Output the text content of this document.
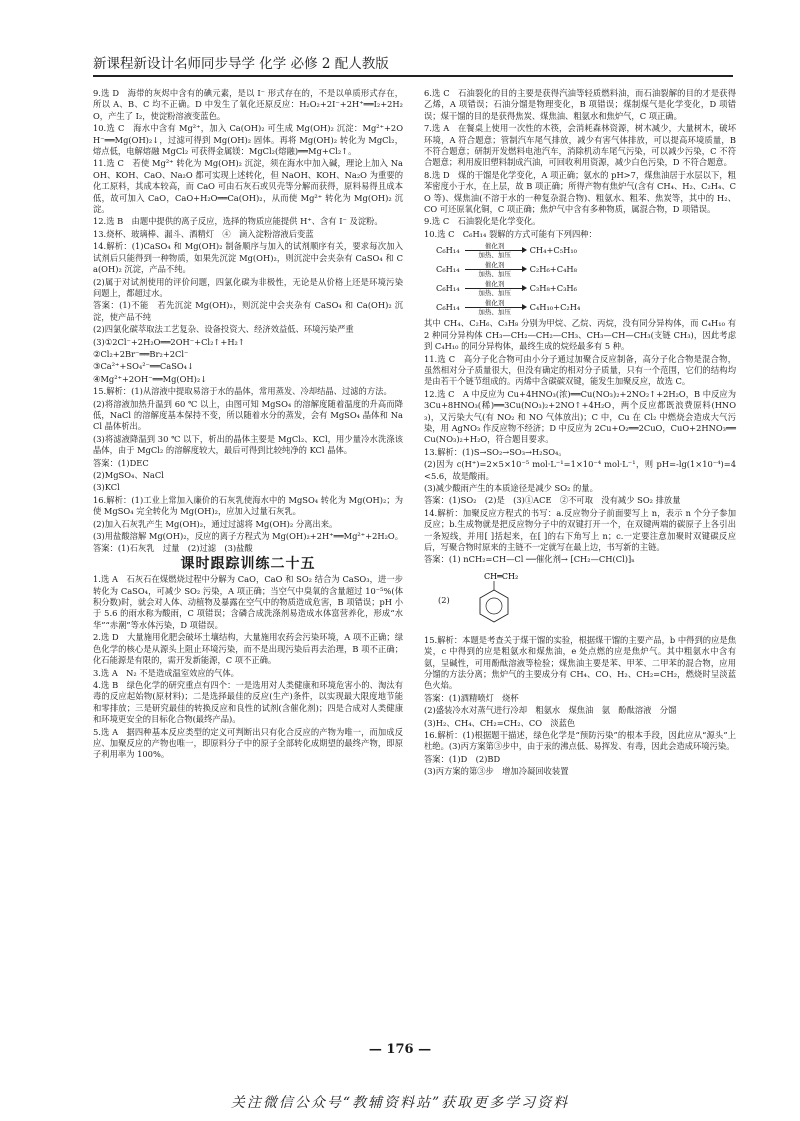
新课程新设计名师同步导学 化学 必修 2 配人教版

9.选 D　海带的灰烬中含有的碘元素，是以 I⁻ 形式存在的，不是以单质形式存在，所以 A、B、C 均不正确。D 中发生了氧化还原反应：H₂O₂+2I⁻+2H⁺══I₂+2H₂O，产生了 I₂，使淀粉溶液变蓝色。

10.选 C　海水中含有 Mg²⁺，加入 Ca(OH)₂ 可生成 Mg(OH)₂ 沉淀：Mg²⁺+2OH⁻══Mg(OH)₂↓，过滤可得到 Mg(OH)₂ 固体。再将 Mg(OH)₂ 转化为 MgCl₂，熔点低，电解熔融 MgCl₂ 可获得金属镁：MgCl₂(熔融)══Mg+Cl₂↑。

11.选 C　若使 Mg²⁺ 转化为 Mg(OH)₂ 沉淀，须在海水中加入碱，理论上加入 NaOH、KOH、CaO、Na₂O 都可实现上述转化，但 NaOH、KOH、Na₂O 为重要的化工原料，其成本较高，而 CaO 可由石灰石或贝壳等分解而获得，原料易得且成本低，故可加入 CaO，CaO+H₂O══Ca(OH)₂，从而使 Mg²⁺ 转化为 Mg(OH)₂ 沉淀。

12.选 B　由题中提供的离子反应，选择的物质应能提供 H⁺、含有 I⁻ 及淀粉。

13.烧杯、玻璃棒、漏斗、酒精灯　④　滴入淀粉溶液后变蓝

14.解析：(1)CaSO₄ 和 Mg(OH)₂ 制备顺序与加入的试剂顺序有关，要求每次加入试剂后只能得到一种物质，如果先沉淀 Mg(OH)₂，则沉淀中会夹杂有 CaSO₄ 和 Ca(OH)₂ 沉淀，产品不纯。

(2)属于对试剂使用的评价问题，四氯化碳为非极性，无论是从价格上还是环境污染问题上，都超过水。

答案：(1)不能　若先沉淀 Mg(OH)₂，则沉淀中会夹杂有 CaSO₄ 和 Ca(OH)₂ 沉淀，使产品不纯

(2)四氯化碳萃取法工艺复杂、设备投资大、经济效益低、环境污染严重

(3)①2Cl⁻+2H₂O══2OH⁻+Cl₂↑+H₂↑

②Cl₂+2Br⁻══Br₂+2Cl⁻

③Ca²⁺+SO₄²⁻══CaSO₄↓

④Mg²⁺+2OH⁻══Mg(OH)₂↓

15.解析：(1)从溶液中提取易溶于水的晶体，常用蒸发、冷却结晶、过滤的方法。

(2)将溶液加热升温到 60 ℃ 以上，由图可知 MgSO₄ 的溶解度随着温度的升高而降低，NaCl 的溶解度基本保持不变，所以随着水分的蒸发，会有 MgSO₄ 晶体和 NaCl 晶体析出。

(3)将滤液降温到 30 ℃ 以下，析出的晶体主要是 MgCl₂、KCl，用少量冷水洗涤该晶体，由于 MgCl₂ 的溶解度较大，最后可得到比较纯净的 KCl 晶体。

答案：(1)DEC

(2)MgSO₄、NaCl

(3)KCl

16.解析：(1)工业上常加入廉价的石灰乳使海水中的 MgSO₄ 转化为 Mg(OH)₂；为使 MgSO₄ 完全转化为 Mg(OH)₂，应加入过量石灰乳。

(2)加入石灰乳产生 Mg(OH)₂，通过过滤将 Mg(OH)₂ 分离出来。

(3)用盐酸溶解 Mg(OH)₂，反应的离子方程式为 Mg(OH)₂+2H⁺══Mg²⁺+2H₂O。

答案：(1)石灰乳　过量　(2)过滤　(3)盐酸

课时跟踪训练二十五

1.选 A　石灰石在煤燃烧过程中分解为 CaO，CaO 和 SO₂ 结合为 CaSO₃，进一步转化为 CaSO₄，可减少 SO₂ 污染，A 项正确；当空气中臭氧的含量超过 10⁻⁵%(体积分数)时，就会对人体、动植物及暴露在空气中的物质造成危害，B 项错误；pH 小于 5.6 的雨水称为酸雨，C 项错误；含磷合成洗涤剂易造成水体富营养化，形成“水华”“赤潮”等水体污染，D 项错误。

2.选 D　大量施用化肥会破坏土壤结构，大量施用农药会污染环境，A 项不正确；绿色化学的核心是从源头上阻止环境污染，而不是出现污染后再去治理，B 项不正确；化石能源是有限的，需开发新能源，C 项不正确。

3.选 A　N₂ 不是造成温室效应的气体。

4.选 B　绿色化学的研究重点有四个：一是选用对人类健康和环境危害小的、淘汰有毒的反应起始物(原材料)；二是选择最佳的反应(生产)条件，以实现最大限度地节能和零排放；三是研究最佳的转换反应和良性的试剂(含催化剂)；四是合成对人类健康和环境更安全的目标化合物(最终产品)。

5.选 A　据四种基本反应类型的定义可判断出只有化合反应的产物为唯一，而加成反应、加聚反应的产物也唯一，即原料分子中的原子全部转化成期望的最终产物，即原子利用率为 100%。

6.选 C　石油裂化的目的主要是获得汽油等轻质燃料油，而石油裂解的目的才是获得乙烯，A 项错误；石油分馏是物理变化，B 项错误；煤制煤气是化学变化，D 项错误；煤干馏的目的是获得焦炭、煤焦油、粗氨水和焦炉气，C 项正确。

7.选 A　在餐桌上使用一次性的木筷，会消耗森林资源，树木减少，大量树木，破坏环境，A 符合题意；管制汽车尾气排放，减少有害气体排放，可以提高环境质量，B 不符合题意；研制开发燃料电池汽车，消除机动车尾气污染，可以减少污染，C 不符合题意；利用废旧塑料制成汽油，可回收利用资源，减少白色污染，D 不符合题意。

8.选 D　煤的干馏是化学变化，A 项正确；氨水的 pH>7，煤焦油居于水层以下，粗苯密度小于水，在上层，故 B 项正确；所得产物有焦炉气(含有 CH₄、H₂、C₂H₄、CO 等)、煤焦油(不溶于水的一种复杂混合物)、粗氨水、粗苯、焦炭等，其中的 H₂、CO 可还原氧化铜，C 项正确；焦炉气中含有多种物质，属混合物，D 项错误。

9.选 C　石油裂化是化学变化。

10.选 C　C₆H₁₄ 裂解的方式可能有下列四种：

C₆H₁₄	催化剂
加热、加压
CH₄+C₅H₁₀
C₆H₁₄	催化剂
加热、加压
C₂H₆+C₄H₈
C₆H₁₄	催化剂
加热、加压
C₃H₈+C₃H₆
C₆H₁₄	催化剂
加热、加压
C₄H₁₀+C₂H₄

其中 CH₄、C₂H₆、C₃H₈ 分别为甲烷、乙烷、丙烷，没有同分异构体，而 C₄H₁₀ 有 2 种同分异构体 CH₃—CH₂—CH₂—CH₃、CH₃—CH—CH₃(支链 CH₃)，因此考虑到 C₄H₁₀ 的同分异构体，最终生成的烷烃最多有 5 种。

11.选 C　高分子化合物可由小分子通过加聚合反应制备，高分子化合物是混合物，虽然相对分子质量很大，但没有确定的相对分子质量，只有一个范围，它们的结构均是由若干个链节组成的。丙烯中含碳碳双键，能发生加聚反应，故选 C。

12.选 C　A 中反应为 Cu+4HNO₃(浓)══Cu(NO₃)₂+2NO₂↑+2H₂O，B 中反应为 3Cu+8HNO₃(稀)══3Cu(NO₃)₂+2NO↑+4H₂O，两个反应都既浪费原料(HNO₃)，又污染大气(有 NO₂ 和 NO 气体放出)；C 中，Cu 在 Cl₂ 中燃烧会造成大气污染，用 AgNO₃ 作反应物不经济；D 中反应为 2Cu+O₂══2CuO，CuO+2HNO₃══Cu(NO₃)₂+H₂O，符合题目要求。

13.解析：(1)S→SO₂→SO₃→H₂SO₄。

(2)因为 c(H⁺)=2×5×10⁻⁵ mol·L⁻¹=1×10⁻⁴ mol·L⁻¹，则 pH=-lg(1×10⁻⁴)=4<5.6，故是酸雨。

(3)减少酸雨产生的本质途径是减少 SO₂ 的量。

答案：(1)SO₂　(2)是　(3)①ACE　②不可取　没有减少 SO₂ 排放量

14.解析：加聚反应方程式的书写：a.反应物分子前面要写上 n，表示 n 个分子参加反应；b.生成物就是把反应物分子中的双键打开一个，在双键两端的碳原子上各引出一条短线，并用[ ]括起来，在[ ]的右下角写上 n；c.一定要注意加聚时双键碳反应后，写聚合物时原来的主链不一定就写在最上边，书写新的主链。

答案：(1) nCH₂=CH—Cl ──催化剂→ [CH₂—CH(Cl)]ₙ

(2)
CH═CH₂

15.解析：本题是考查关于煤干馏的实验，根据煤干馏的主要产品，b 中得到的应是焦炭，c 中得到的应是粗氨水和煤焦油，e 处点燃的应是焦炉气。其中粗氨水中含有氨，呈碱性，可用酚酞溶液等检验；煤焦油主要是苯、甲苯、二甲苯的混合物，应用分馏的方法分离；焦炉气的主要成分有 CH₄、CO、H₂、CH₂=CH₂，燃烧时呈淡蓝色火焰。

答案：(1)酒精喷灯　烧杯

(2)盛装冷水对蒸气进行冷却　粗氨水　煤焦油　氨　酚酞溶液　分馏

(3)H₂、CH₄、CH₂=CH₂、CO　淡蓝色

16.解析：(1)根据题干描述，绿色化学是“预防污染”的根本手段，因此应从“源头”上杜绝。(3)丙方案第③步中，由于汞的沸点低、易挥发、有毒，因此会造成环境污染。

答案：(1)D　(2)BD

(3)丙方案的第③步　增加冷凝回收装置

— 176 —
关注微信公众号“教辅资料站”获取更多学习资料
